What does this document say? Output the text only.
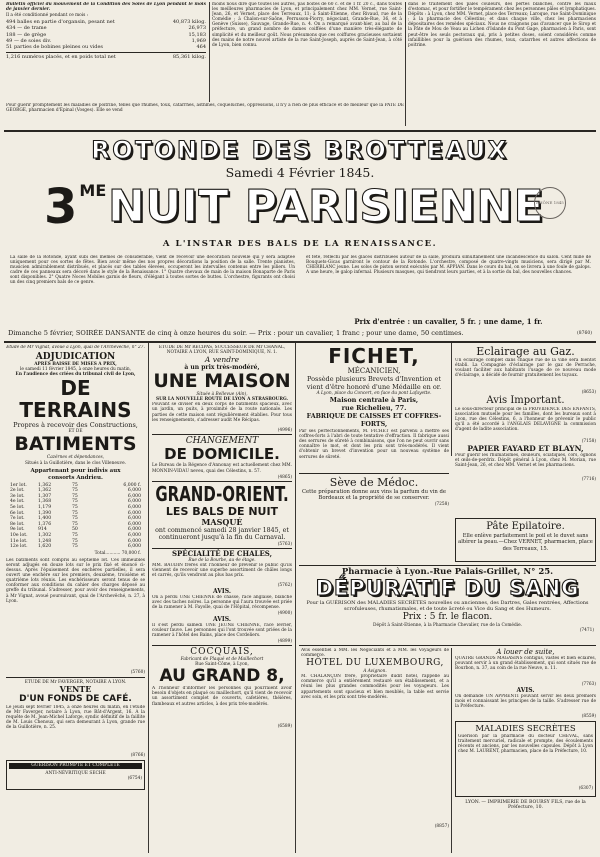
Bulletin officiel du mouvement de la Condition des Soies de Lyon pendant le mois de janvier dernier.

Il a été conditionné pendant ce mois :

494 balles en partie d'organsin, pesant net	40,873 kilog.
434 — de trame	26,973
188 — de grège	15,183
49 — de soies div.	1,969
51 parties de bobines pleines ou vides	464
1,216 numéros placés, et en poids total net	85,361 kilog.

moins nous dire que toutes les autres, pas boîtes de 60 c. et de 1 fr. 20 c., dans toutes les meilleures pharmacies de Lyon, et principalement chez MM. Vernet, rue Saint-Jean, 26, et Vernet, place des Terreaux, 11; à Saint-Etienne, chez Rivaud, rue de la Comédie ; à Chalon-sur-Saône, Perrusson-Piorry, négociant, Grande-Rue, 36, et à Genève (Suisse), Sauvage, Grande-Rue, n. 4. On a remarqué avant-hier, au bal de la préfecture, un grand nombre de dames coiffées d'une manière très-élégante de simplicité et du meilleur goût. Nous présumons que ces coiffures gracieuses sortaient des mains de notre nouvel artiste de la rue Saint-Joseph, auprès de Saint-Jean, à côté de Lyon, bien connu.

dans le traitement des pâles couleurs, des pertes blanches, contre les maux d'estomac, et pour fortifier le tempérament chez les personnes pâles et lymphatiques. Dépôts : à Lyon, chez MM. Vernet, place des Terreaux; Laroque, rue Saint-Dominique ; à la pharmacie des Célestins; et dans chaque ville, chez les pharmaciens dépositaires des remèdes spéciaux. Nous ne craignons pas d'avancer que le Sirop et la Pâte de Mou de Veau au Lichen d'Islande du Pont Gage, pharmacien à Paris, sont peut-être les seuls pectoraux qui, pris à petites doses, soient considérés comme infaillibles pour la guérison des rhumes, toux, catarrhes et autres affections de poitrine.

Pour guérir promptement les maladies de poitrine, telles que rhumes, toux, catarrhes, asthmes, coqueluches, oppressions, il n'y a rien de plus efficace et de meilleur que la PATE DE GEORGE, pharmacien d'Epinal (Vosges). Elle se vend

ROTONDE DES BROTTEAUX
Samedi 4 Février 1845.
3 ME NUIT PARISIENNE
RHÔNE 1845
A L'INSTAR DES BALS DE LA RENAISSANCE.

La salle de la Rotonde, ayant subi des mêmes de considérable, vient de recevoir une décoration nouvelle qui y sera adaptée uniquement pour ces sortes de fêtes. Bien avoir même des nos propres décorations la position de la salle. Trente pianistes, musicien admirablement distribués, et placés sur des tables élevées, occuperont les intervalles contenus entre les piliers. Un cadre de ces panneaux sera décoré dans le style de la Renaissance. 1° Quatre chevaux de main de la maison Bonaparte de Paris sont disponibles. 2° Quatre Noces Mobiles garnis de fleurs, d'élégant à toutes sortes de buttes. L'orchestre, figurants ont choisi un des cinq premiers bals de ce genre.

et fête, réfléchi par les glaces distribuées autour de la salle, produira simultanément une incandescence du salon. Cent mille de Bouquets-Gicas garniront le contour de la Rotonde. L'orchestre, composé de quatre-vingts musiciens, sera dirigé par M. CHERBLANC jeune. Les solos de piston seront exécutés par M. APPIAN. Dans le cours du bal, on se livrera à une foule de galops. A une heure, le galop infernal. Plusieurs masques, qui tiendront leurs parties, et à la sortie du bal, des nouvelles chances.

Prix d'entrée : un cavalier, 5 fr. ; une dame, 1 fr.
Dimanche 5 février, SOIRÉE DANSANTE de cinq à onze heures du soir. — Prix : pour un cavalier, 1 franc ; pour une dame, 50 centimes.	(8760)
Etude de Mr Vignat, avoué à Lyon, quai de l'Archevêché, n° 27.
ADJUDICATION
APRÈS BAISSE DE MISES A PRIX,
le samedi 11 février 1845, à onze heures du matin,
En l'audience des criées du tribunal civil de Lyon,
DE TERRAINS
Propres à recevoir des Constructions,
ET DE
BATIMENTS
Cazérnes et dépendances,
Situés à la Guillotière, dans le clos Villeneuve.
Appartenant pour indivis aux
consorts Andrieu.
1er lot.	1,362	75	6,000 f.
2e lot.	1,362	75	6,000
3e lot.	1,307	75	6,000
4e lot.	1,368	75	6,000
5e lot.	1,179	75	6,000
6e lot.	1,390	75	6,000
7e lot.	1,400	75	6,000
8e lot.	1,376	75	6,000
9e lot.	914	50	6,000
10e lot.	1,302	75	6,000
11e lot.	1,248	75	6,000
12e lot.	1,620	75	6,000
Total........... 70,000 f.

Les bâtiments sont compris au septième lot. Ces immeubles seront adjugés en douze lots sur le prix fixé et énoncé ci-dessus. Après l'épuisement des enchères partielles, il sera ouvert une enchère sur les premiers, deuxième, troisième et quatrième lots réunis. Les enchérisseurs seront tenus de se conformer aux conditions du cahier des charges déposé au greffe du tribunal. S'adresser, pour avoir des renseignements, à Mr Vignat, avoué poursuivant, quai de l'Archevêché, n. 27, à Lyon.

(5760)
ETUDE DE Mr FAVERGER, NOTAIRE A LYON.
VENTE
D'UN FONDS DE CAFÉ.

Le jeudi sept février 1845, à onze heures du matin, en l'étude de Mr Faverger, notaire à Lyon, rue Bât-d'Argent, 16. A la requête de M. Jean-Michel Laforge, syndic définitif de la faillite de M. Louis Chenoux, qui sera demeurant à Lyon, grande rue de la Guillotière, n. 25.

(8766)
GUÉRISON PROMPTE ET COMPLÈTE
ANTI-NÉVRITIQUE SECHE
(6754)
ETUDE DE Mr RÉCIPAS, SUCCESSEUR DE Mr CHANAL, NOTAIRE A LYON, RUE SAINT-DOMINIQUE, N. 1.
A vendre
à un prix très-modéré,
UNE MAISON
Située à Bellevue (Ain),
SUR LA NOUVELLE ROUTE DE LYON A STRASBOURG.

Pouvant se diviser en deux corps de bâtiments spacieux, avec un jardin, un puits, à proximité de la route nationale. Les parties de cette maison sont régulièrement établies. Pour tous les renseignements, s'adresser audit Me Récipas.

(4996)
CHANGEMENT
DE DOMICILE.

Le Bureau de la Régence d'Annonay est actuellement chez MM. MONNIN-VIDAU neveu, quai des Célestins, n. 57.

(4865)
GRAND-ORIENT.
LES BALS DE NUIT
MASQUÉ
ont commencé samedi 28 janvier 1845, et continueront jusqu'à la fin du Carnaval.
(5763)
SPÉCIALITÉ DE CHALES,
Rue de la Bourbe, au 4e étage.

MM. BAUDIN frères ont l'honneur de prévenir le public qu'ils viennent de recevoir une superbe assortiment de châles longs et carrés, qu'ils vendront au plus bas prix.

(5762)
AVIS.

On a perdu UNE CHIENNE de chasse, race anglaise, blanche avec des taches noires. La personne qui l'aura trouvée est priée de la ramener à M. Fayolle, quai de l'Hôpital, récompense.

(4900)
AVIS.

Il s'est perdu samedi UNE JEUNE CHIENNE, race levrier, couleur fauve. Les personnes qui l'ont trouvée sont priées de la ramener à l'hôtel des Bains, place des Cordeliers.

(4899)
COCQUAIS,
Fabricant de Plaqué et de Maillechort
Rue Saint-Côme, à Lyon,
AU GRAND 8,

A l'honneur d'informer les personnes qui pourraient avoir besoin d'objets en plaqué ou maillechort, qu'il vient de recevoir un assortiment complet de couverts, cafetières, théières, flambeaux et autres articles, à des prix très-modérés.

(6589)
FICHET,
MÉCANICIEN,
Possède plusieurs Brevets d'Invention et vient d'être honoré d'une Médaille en or.
A Lyon, place du Concert, en face du pont Lafayette.
Maison centrale à Paris,
rue Richelieu, 77.
FABRIQUE DE CAISSES ET COFFRES-FORTS,

Par ses perfectionnements, M. FICHET est parvenu à mettre ses coffres-forts à l'abri de toute tentative d'effraction. Il fabrique aussi des serrures de sûreté à combinaisons, que l'on ne peut ouvrir sans connaître le mot, et dont les prix sont très-modérés. Il vient d'obtenir un brevet d'invention pour un nouveau système de serrures de sûreté.

Sève de Médoc.
Cette préparation donne aux vins la parfum du vin de Bordeaux et la propriété de se conserver.
(7258)
Eclairage au Gaz.

Un éclairage complet dans chaque rue de la ville sera bientôt établi. La Compagnie d'éclairage par le gaz de Perrache, voulant faciliter aux habitants l'usage de ce nouveau mode d'éclairage, a décidé de fournir gratuitement les tuyaux.

(8653)
Avis Important.

Le sous-directeur principal de la PROVIDENCE DES ENFANTS, association mutuelle pour les familles, dont les bureaux sont à Lyon, rue des Célestins, 6, a l'honneur de prévenir le public qu'il a été accordé à l'ANGLAIS DELAVIGNE la commission d'agent de ladite association.

(7158)
PAPIER FAYARD ET BLAYN,

Pour guérir les rhumatismes, douleurs, sciatiques, cors, ognons et œils-de-perdrix. Dépôt général à Lyon, chez M. Morian, rue Saint-Jean, 26, et chez MM. Vernet et les pharmaciens.

(7716)
Pâte Epilatoire.
Elle enlève parfaitement le poil et le duvet sans altérer la peau.—Chez VERNET, pharmacien, place des Terreaux, 15.
Pharmacie à Lyon.-Rue Palais-Grillet, N° 25.
DÉPURATIF DU SANG
Pour la GUÉRISON des MALADIES SECRÈTES nouvelles ou anciennes, des Dartres, Gales rentrées, Affections scrofuleuses, rhumatismales, et de toute âcreté ou Vice du Sang et des Humeurs.
Prix : 5 fr. le flacon.
Dépôt à Saint-Etienne, à la Pharmacie Chevalier, rue de la Comédie.
(7471)
Avis essentiel à MM. les Négociants et à MM. les Voyageurs de commerce.
HÔTEL DU LUXEMBOURG,
A Avignon.

M. CHALANÇON frère, propriétaire dudit hôtel, rappelle au commerce qu'il a entièrement restauré son établissement, et a réuni les plus grandes commodités pour les voyageurs. Les appartements sont spacieux et bien meublés, la table est servie avec soin, et les prix sont très-modérés.

(8857)
A louer de suite,

QUATRE GRANDS MAGASINS contigus, vastes et bien éclairés, pouvant servir à un grand établissement, qui sont situés rue de Bourbon, n. 37, au coin de la rue Neuve, n. 11.

(7763)
AVIS.

On demande UN APPRENTI pouvant servir les deux premiers mois et connaissant les principes de la taille. S'adresser rue de la Préfecture.

(8559)
MALADIES SECRÈTES

Guérison par la pharmacie du docteur CHEVAL, sans traitement mercuriel, radicale et prompte, des écoulements récents et anciens, par les nouvelles capsules. Dépôt à Lyon chez M. LAURENT, pharmacien, place de la Préfecture, 10.

(6307)
LYON. — IMPRIMERIE DE BOURSY FILS, rue de la Préfecture, 10.
